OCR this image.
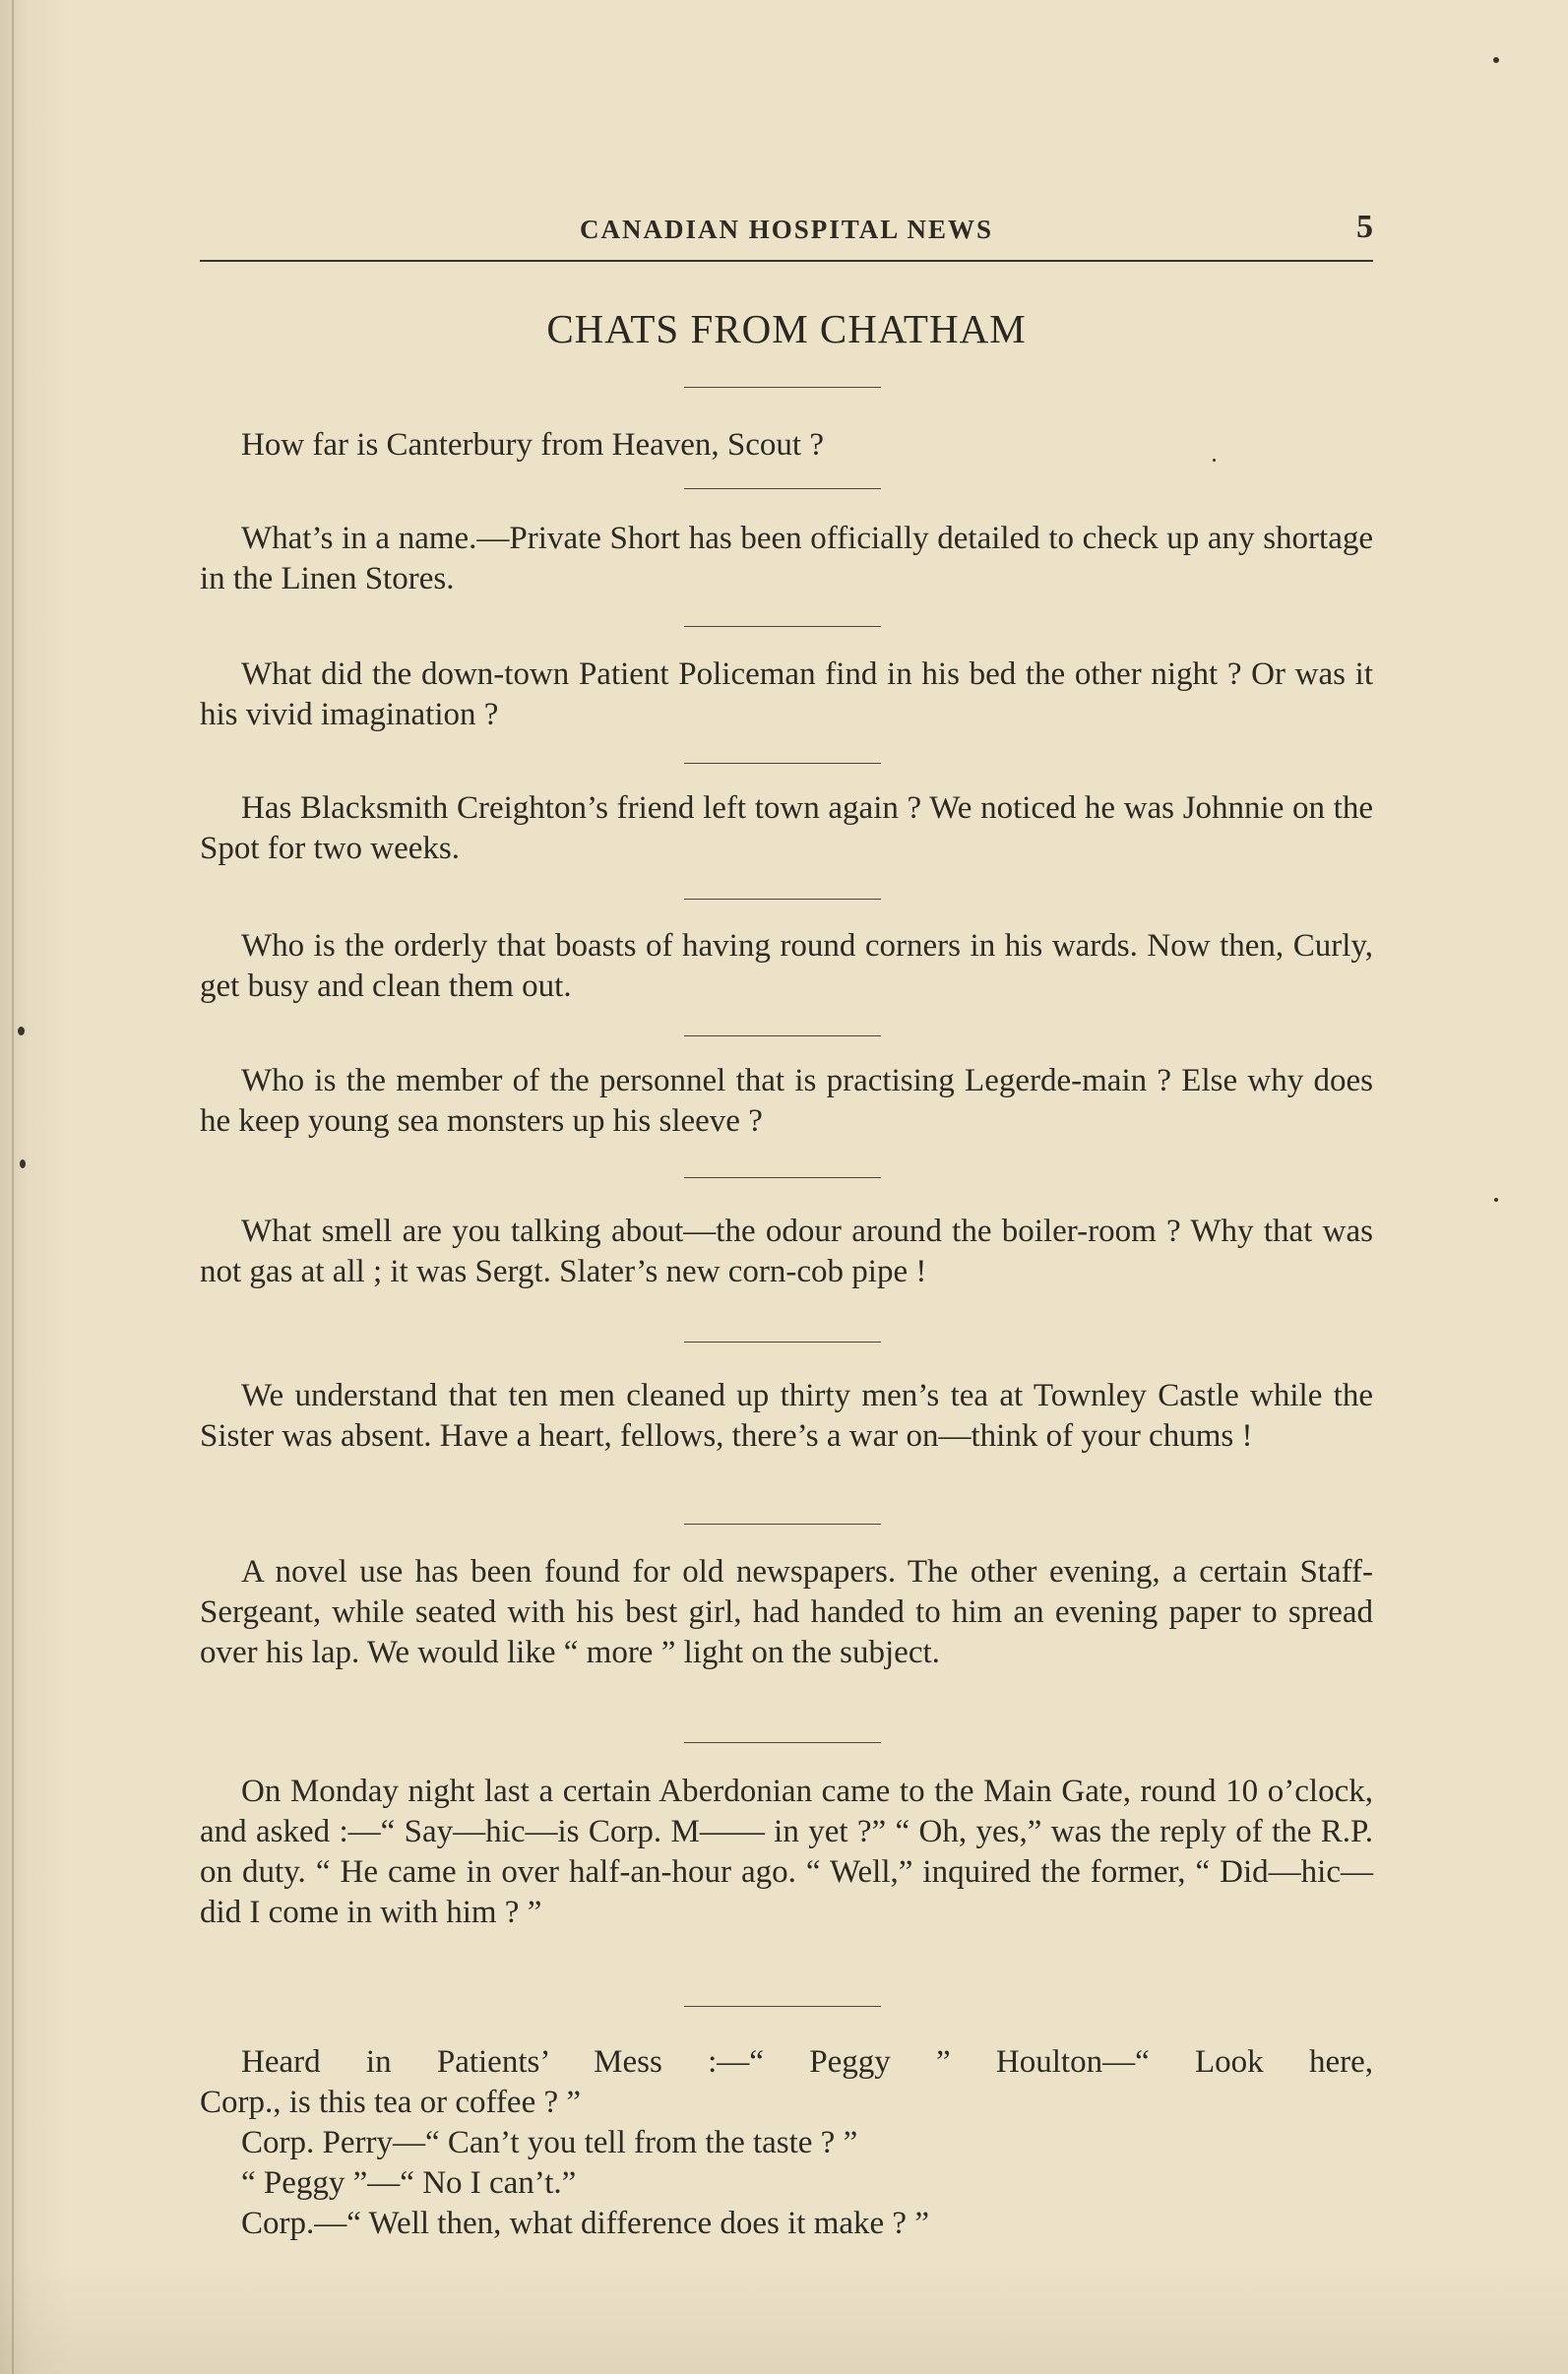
CANADIAN HOSPITAL NEWS	5
CHATS FROM CHATHAM

How far is Canterbury from Heaven, Scout ?

What’s in a name.—Private Short has been officially detailed to check up any shortage in the Linen Stores.

What did the down-town Patient Policeman find in his bed the other night ? Or was it his vivid imagination ?

Has Blacksmith Creighton’s friend left town again ? We noticed he was Johnnie on the Spot for two weeks.

Who is the orderly that boasts of having round corners in his wards. Now then, Curly, get busy and clean them out.

Who is the member of the personnel that is practising Legerde-main ? Else why does he keep young sea monsters up his sleeve ?

What smell are you talking about—the odour around the boiler-room ? Why that was not gas at all ; it was Sergt. Slater’s new corn-cob pipe !

We understand that ten men cleaned up thirty men’s tea at Townley Castle while the Sister was absent. Have a heart, fellows, there’s a war on—think of your chums !

A novel use has been found for old newspapers. The other evening, a certain Staff-Sergeant, while seated with his best girl, had handed to him an evening paper to spread over his lap. We would like “ more ” light on the subject.

On Monday night last a certain Aberdonian came to the Main Gate, round 10 o’clock, and asked :—“ Say—hic—is Corp. M—— in yet ?” “ Oh, yes,” was the reply of the R.P. on duty. “ He came in over half-an-hour ago. “ Well,” inquired the former, “ Did—hic—did I come in with him ? ”

Heard in Patients’ Mess :—“ Peggy ” Houlton—“ Look here,
Corp., is this tea or coffee ? ”
Corp. Perry—“ Can’t you tell from the taste ? ”
“ Peggy ”—“ No I can’t.”
Corp.—“ Well then, what difference does it make ? ”
